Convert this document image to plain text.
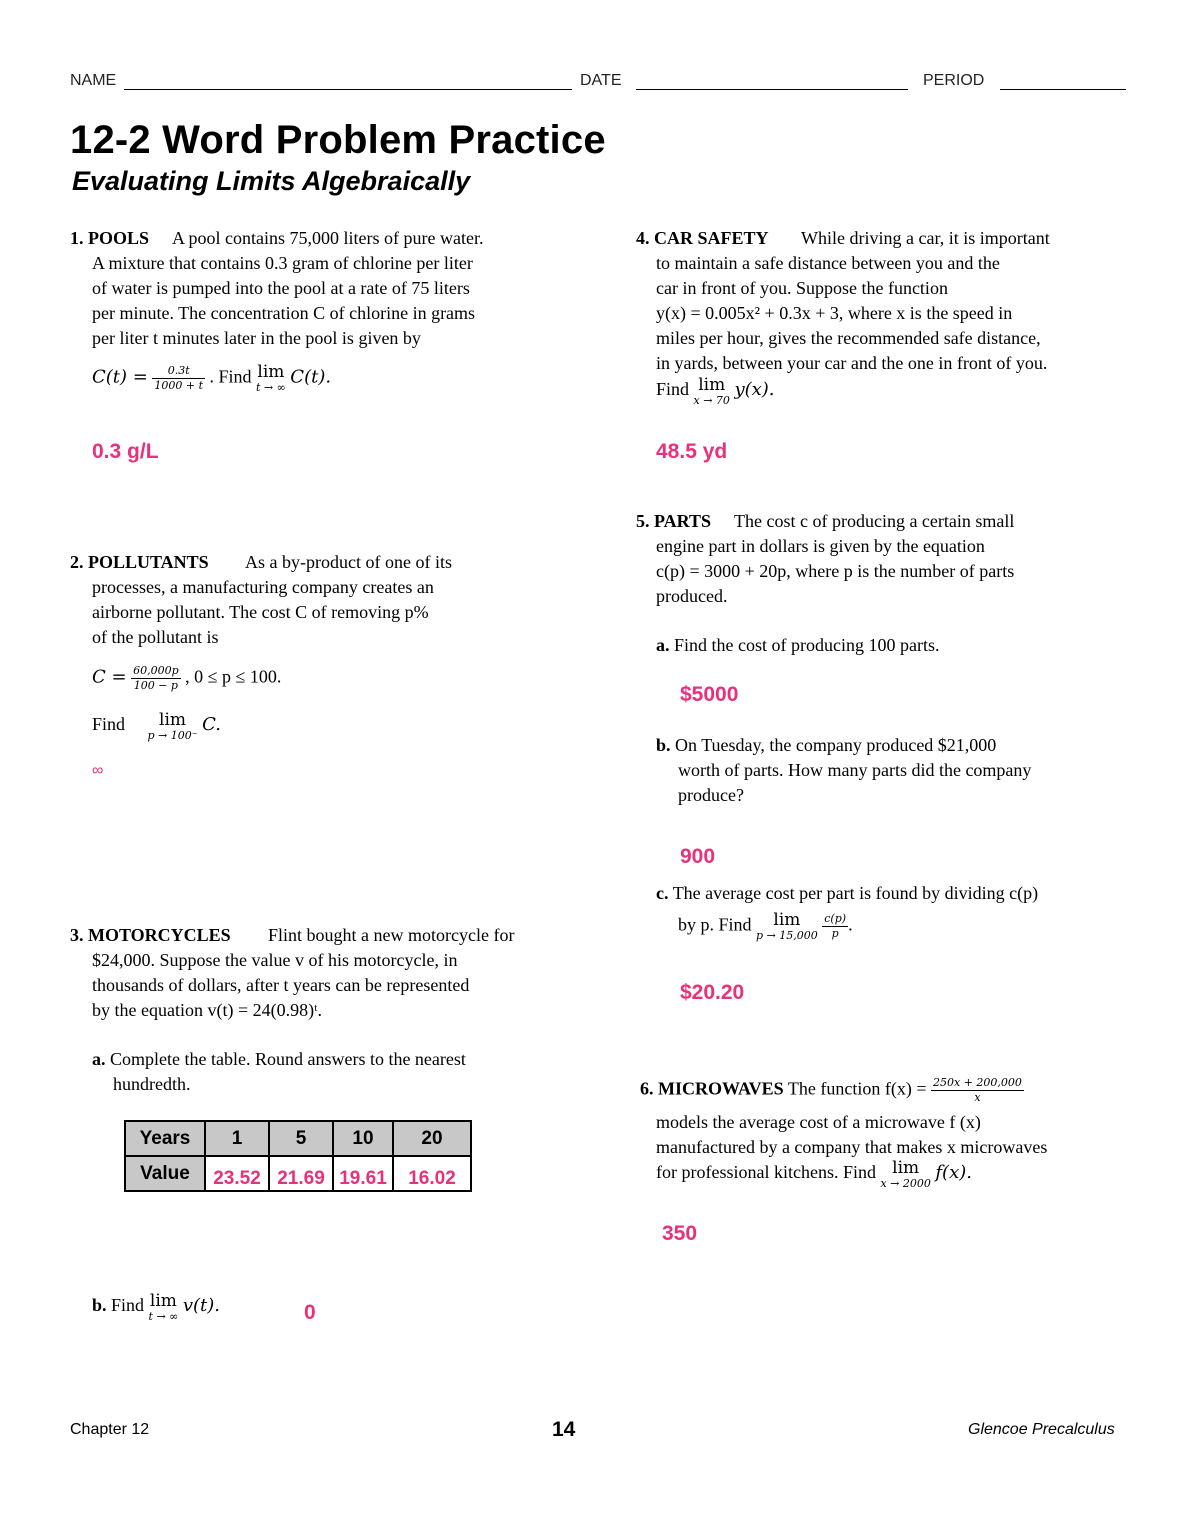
NAME	DATE	PERIOD
12-2 Word Problem Practice
Evaluating Limits Algebraically
1. POOLS A pool contains 75,000 liters of pure water.
A mixture that contains 0.3 gram of chlorine per liter
of water is pumped into the pool at a rate of 75 liters
per minute. The concentration C of chlorine in grams
per liter t minutes later in the pool is given by
$C(t) = \frac{0.3t}{1000 + t}$ . Find lim
t → ∞ C(t).
0.3 g/L
2. POLLUTANTS As a by-product of one of its
processes, a manufacturing company creates an
airborne pollutant. The cost C of removing p%
of the pollutant is
$C = \frac{60,000p}{100 - p}$ , 0 ≤ p ≤ 100.
Find	lim
p → 100⁻
C.
∞
3. MOTORCYCLES Flint bought a new motorcycle for
$24,000. Suppose the value v of his motorcycle, in
thousands of dollars, after t years can be represented
by the equation v(t) = 24(0.98)ᵗ.
a. Complete the table. Round answers to the nearest
hundredth.
Years	1	5	10	20
Value	23.52	21.69	19.61	16.02
b. Find lim
t → ∞
v(t).	0
4. CAR SAFETY While driving a car, it is important
to maintain a safe distance between you and the
car in front of you. Suppose the function
y(x) = 0.005x² + 0.3x + 3, where x is the speed in
miles per hour, gives the recommended safe distance,
in yards, between your car and the one in front of you.
Find lim
x → 70
y(x).
48.5 yd
5. PARTS The cost c of producing a certain small
engine part in dollars is given by the equation
c(p) = 3000 + 20p, where p is the number of parts
produced.
a. Find the cost of producing 100 parts.
$5000
b. On Tuesday, the company produced $21,000
worth of parts. How many parts did the company
produce?
900
c. The average cost per part is found by dividing c(p)
by p. Find	lim
p → 15,000
$\frac{c(p)}{p}$ .
$20.20
6. MICROWAVES The function $f(x) = \frac{250x + 200,000}{x}$
models the average cost of a microwave f (x)
manufactured by a company that makes x microwaves
for professional kitchens. Find lim
x → 2000
f(x).
350
Chapter 12	14	Glencoe Precalculus
